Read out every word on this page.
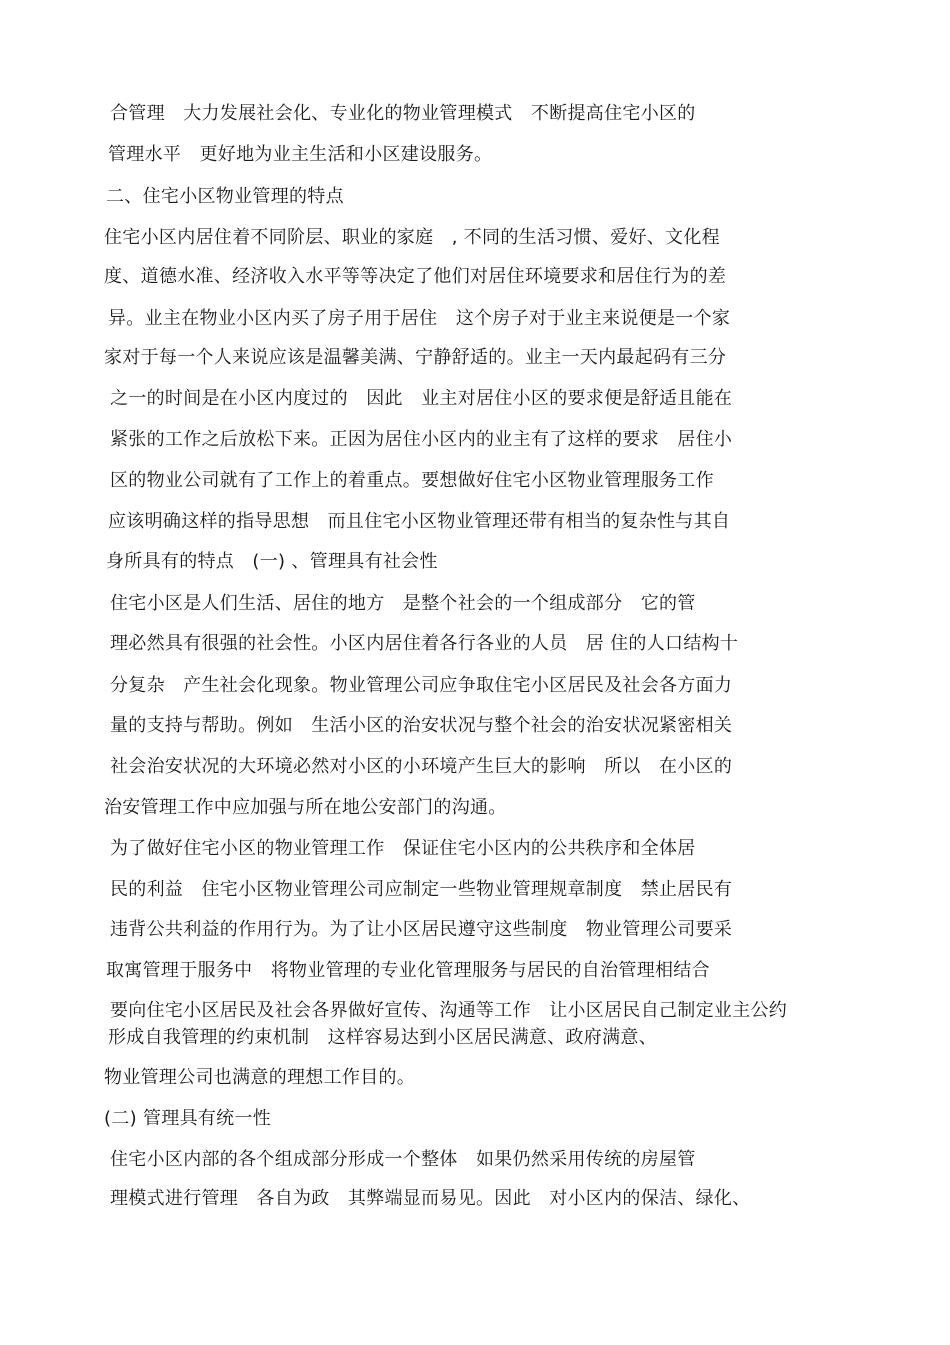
合管理　大力发展社会化、专业化的物业管理模式　不断提高住宅小区的
管理水平　更好地为业主生活和小区建设服务。
二、住宅小区物业管理的特点
住宅小区内居住着不同阶层、职业的家庭　, 不同的生活习惯、爱好、文化程
度、道德水准、经济收入水平等等决定了他们对居住环境要求和居住行为的差
异。业主在物业小区内买了房子用于居住　这个房子对于业主来说便是一个家
家对于每一个人来说应该是温馨美满、宁静舒适的。业主一天内最起码有三分
之一的时间是在小区内度过的　因此　业主对居住小区的要求便是舒适且能在
紧张的工作之后放松下来。正因为居住小区内的业主有了这样的要求　居住小
区的物业公司就有了工作上的着重点。要想做好住宅小区物业管理服务工作
应该明确这样的指导思想　而且住宅小区物业管理还带有相当的复杂性与其自
身所具有的特点　(一) 、管理具有社会性
住宅小区是人们生活、居住的地方　是整个社会的一个组成部分　它的管
理必然具有很强的社会性。小区内居住着各行各业的人员　居 住的人口结构十
分复杂　产生社会化现象。物业管理公司应争取住宅小区居民及社会各方面力
量的支持与帮助。例如　生活小区的治安状况与整个社会的治安状况紧密相关
社会治安状况的大环境必然对小区的小环境产生巨大的影响　所以　在小区的
治安管理工作中应加强与所在地公安部门的沟通。
为了做好住宅小区的物业管理工作　保证住宅小区内的公共秩序和全体居
民的利益　住宅小区物业管理公司应制定一些物业管理规章制度　禁止居民有
违背公共利益的作用行为。为了让小区居民遵守这些制度　物业管理公司要采
取寓管理于服务中　将物业管理的专业化管理服务与居民的自治管理相结合
要向住宅小区居民及社会各界做好宣传、沟通等工作　让小区居民自己制定业主公约
形成自我管理的约束机制　这样容易达到小区居民满意、政府满意、
物业管理公司也满意的理想工作目的。
(二) 管理具有统一性
住宅小区内部的各个组成部分形成一个整体　如果仍然采用传统的房屋管
理模式进行管理　各自为政　其弊端显而易见。因此　对小区内的保洁、绿化、
